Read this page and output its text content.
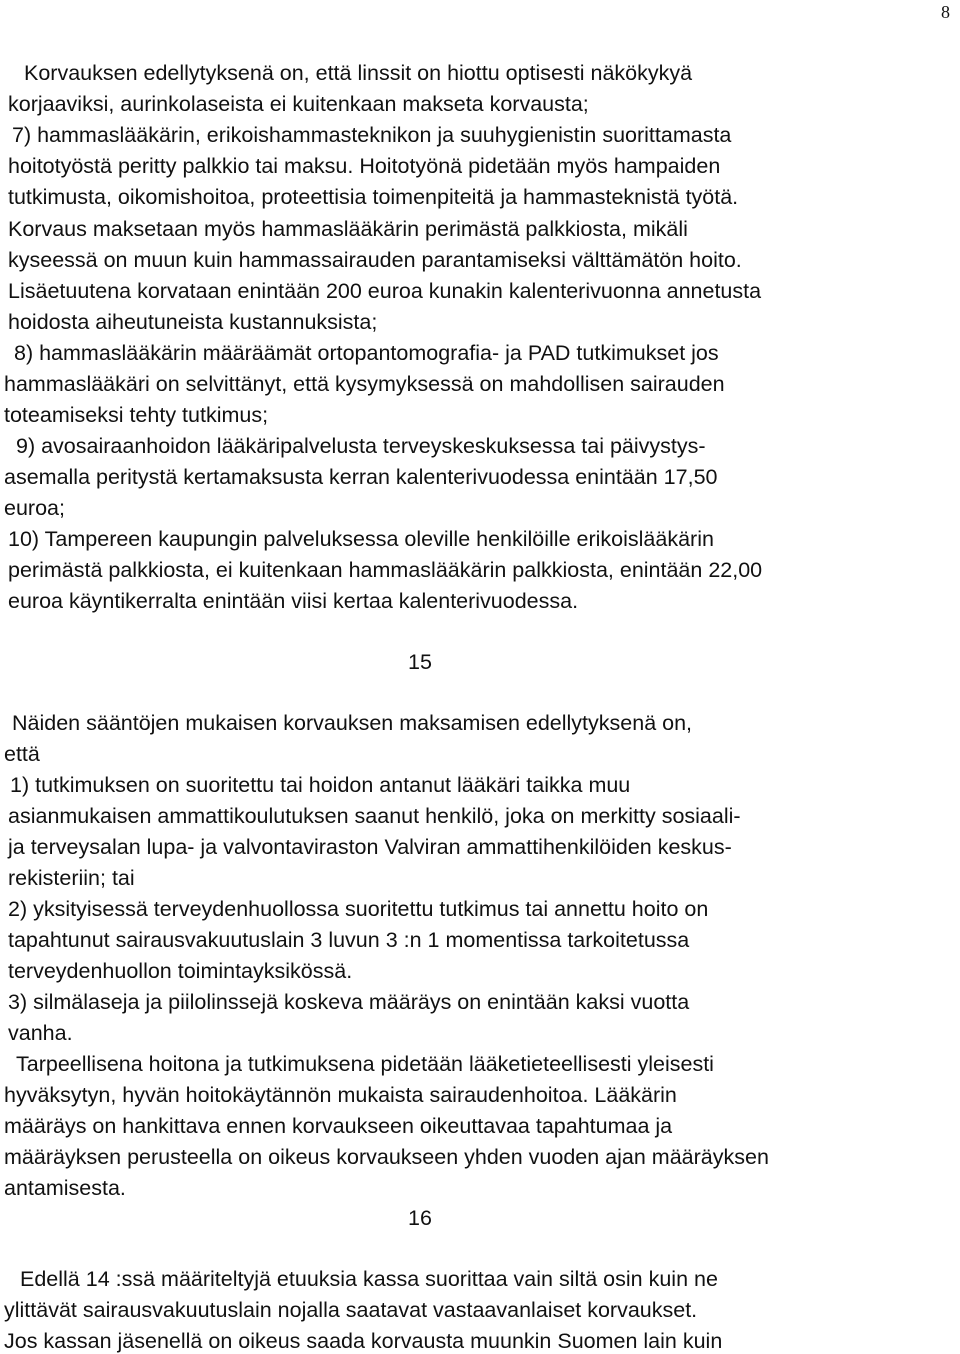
8
Korvauksen edellytyksenä on, että linssit on hiottu optisesti näkökykyä
korjaaviksi, aurinkolaseista ei kuitenkaan makseta korvausta;
7) hammaslääkärin, erikoishammasteknikon ja suuhygienistin suorittamasta
hoitotyöstä peritty palkkio tai maksu. Hoitotyönä pidetään myös hampaiden
tutkimusta, oikomishoitoa, proteettisia toimenpiteitä ja hammasteknistä työtä.
Korvaus maksetaan myös hammaslääkärin perimästä palkkiosta, mikäli
kyseessä on muun kuin hammassairauden parantamiseksi välttämätön hoito.
Lisäetuutena korvataan enintään 200 euroa kunakin kalenterivuonna annetusta
hoidosta aiheutuneista kustannuksista;
8) hammaslääkärin määräämät ortopantomografia- ja PAD tutkimukset jos
hammaslääkäri on selvittänyt, että kysymyksessä on mahdollisen sairauden
toteamiseksi tehty tutkimus;
9) avosairaanhoidon lääkäripalvelusta terveyskeskuksessa tai päivystys-
asemalla peritystä kertamaksusta kerran kalenterivuodessa enintään 17,50
euroa;
10) Tampereen kaupungin palveluksessa oleville henkilöille erikoislääkärin
perimästä palkkiosta, ei kuitenkaan hammaslääkärin palkkiosta, enintään 22,00
euroa käyntikerralta enintään viisi kertaa kalenterivuodessa.
15
Näiden sääntöjen mukaisen korvauksen maksamisen edellytyksenä on,
että
1) tutkimuksen on suoritettu tai hoidon antanut lääkäri taikka muu
asianmukaisen ammattikoulutuksen saanut henkilö, joka on merkitty sosiaali-
ja terveysalan lupa- ja valvontaviraston Valviran ammattihenkilöiden keskus-
rekisteriin; tai
2) yksityisessä terveydenhuollossa suoritettu tutkimus tai annettu hoito on
tapahtunut sairausvakuutuslain 3 luvun 3 :n 1 momentissa tarkoitetussa
terveydenhuollon toimintayksikössä.
3) silmälaseja ja piilolinssejä koskeva määräys on enintään kaksi vuotta
vanha.
Tarpeellisena hoitona ja tutkimuksena pidetään lääketieteellisesti yleisesti
hyväksytyn, hyvän hoitokäytännön mukaista sairaudenhoitoa. Lääkärin
määräys on hankittava ennen korvaukseen oikeuttavaa tapahtumaa ja
määräyksen perusteella on oikeus korvaukseen yhden vuoden ajan määräyksen
antamisesta.
16
Edellä 14 :ssä määriteltyjä etuuksia kassa suorittaa vain siltä osin kuin ne
ylittävät sairausvakuutuslain nojalla saatavat vastaavanlaiset korvaukset.
Jos kassan jäsenellä on oikeus saada korvausta muunkin Suomen lain kuin
